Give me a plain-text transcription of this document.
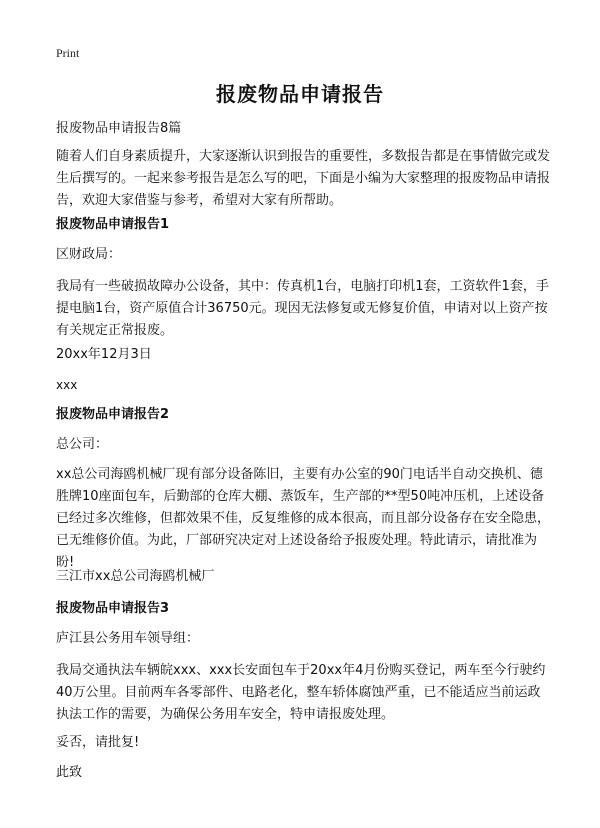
Print
报废物品申请报告
报废物品申请报告8篇
随着人们自身素质提升，大家逐渐认识到报告的重要性，多数报告都是在事情做完或发生后撰写的。一起来参考报告是怎么写的吧，下面是小编为大家整理的报废物品申请报告，欢迎大家借鉴与参考，希望对大家有所帮助。
报废物品申请报告1
区财政局：
我局有一些破损故障办公设备，其中：传真机1台，电脑打印机1套，工资软件1套，手提电脑1台，资产原值合计36750元。现因无法修复或无修复价值，申请对以上资产按有关规定正常报废。
20xx年12月3日
xxx
报废物品申请报告2
总公司：
xx总公司海鸥机械厂现有部分设备陈旧，主要有办公室的90门电话半自动交换机、德胜牌10座面包车，后勤部的仓库大棚、蒸饭车，生产部的**型50吨冲压机，上述设备已经过多次维修，但都效果不佳，反复维修的成本很高，而且部分设备存在安全隐患，已无维修价值。为此，厂部研究决定对上述设备给予报废处理。特此请示，请批准为盼!
三江市xx总公司海鸥机械厂
报废物品申请报告3
庐江县公务用车领导组：
我局交通执法车辆皖xxx、xxx长安面包车于20xx年4月份购买登记，两车至今行驶约40万公里。目前两车各零部件、电路老化，整车轿体腐蚀严重，已不能适应当前运政执法工作的需要，为确保公务用车安全，特申请报废处理。
妥否，请批复!
此致
